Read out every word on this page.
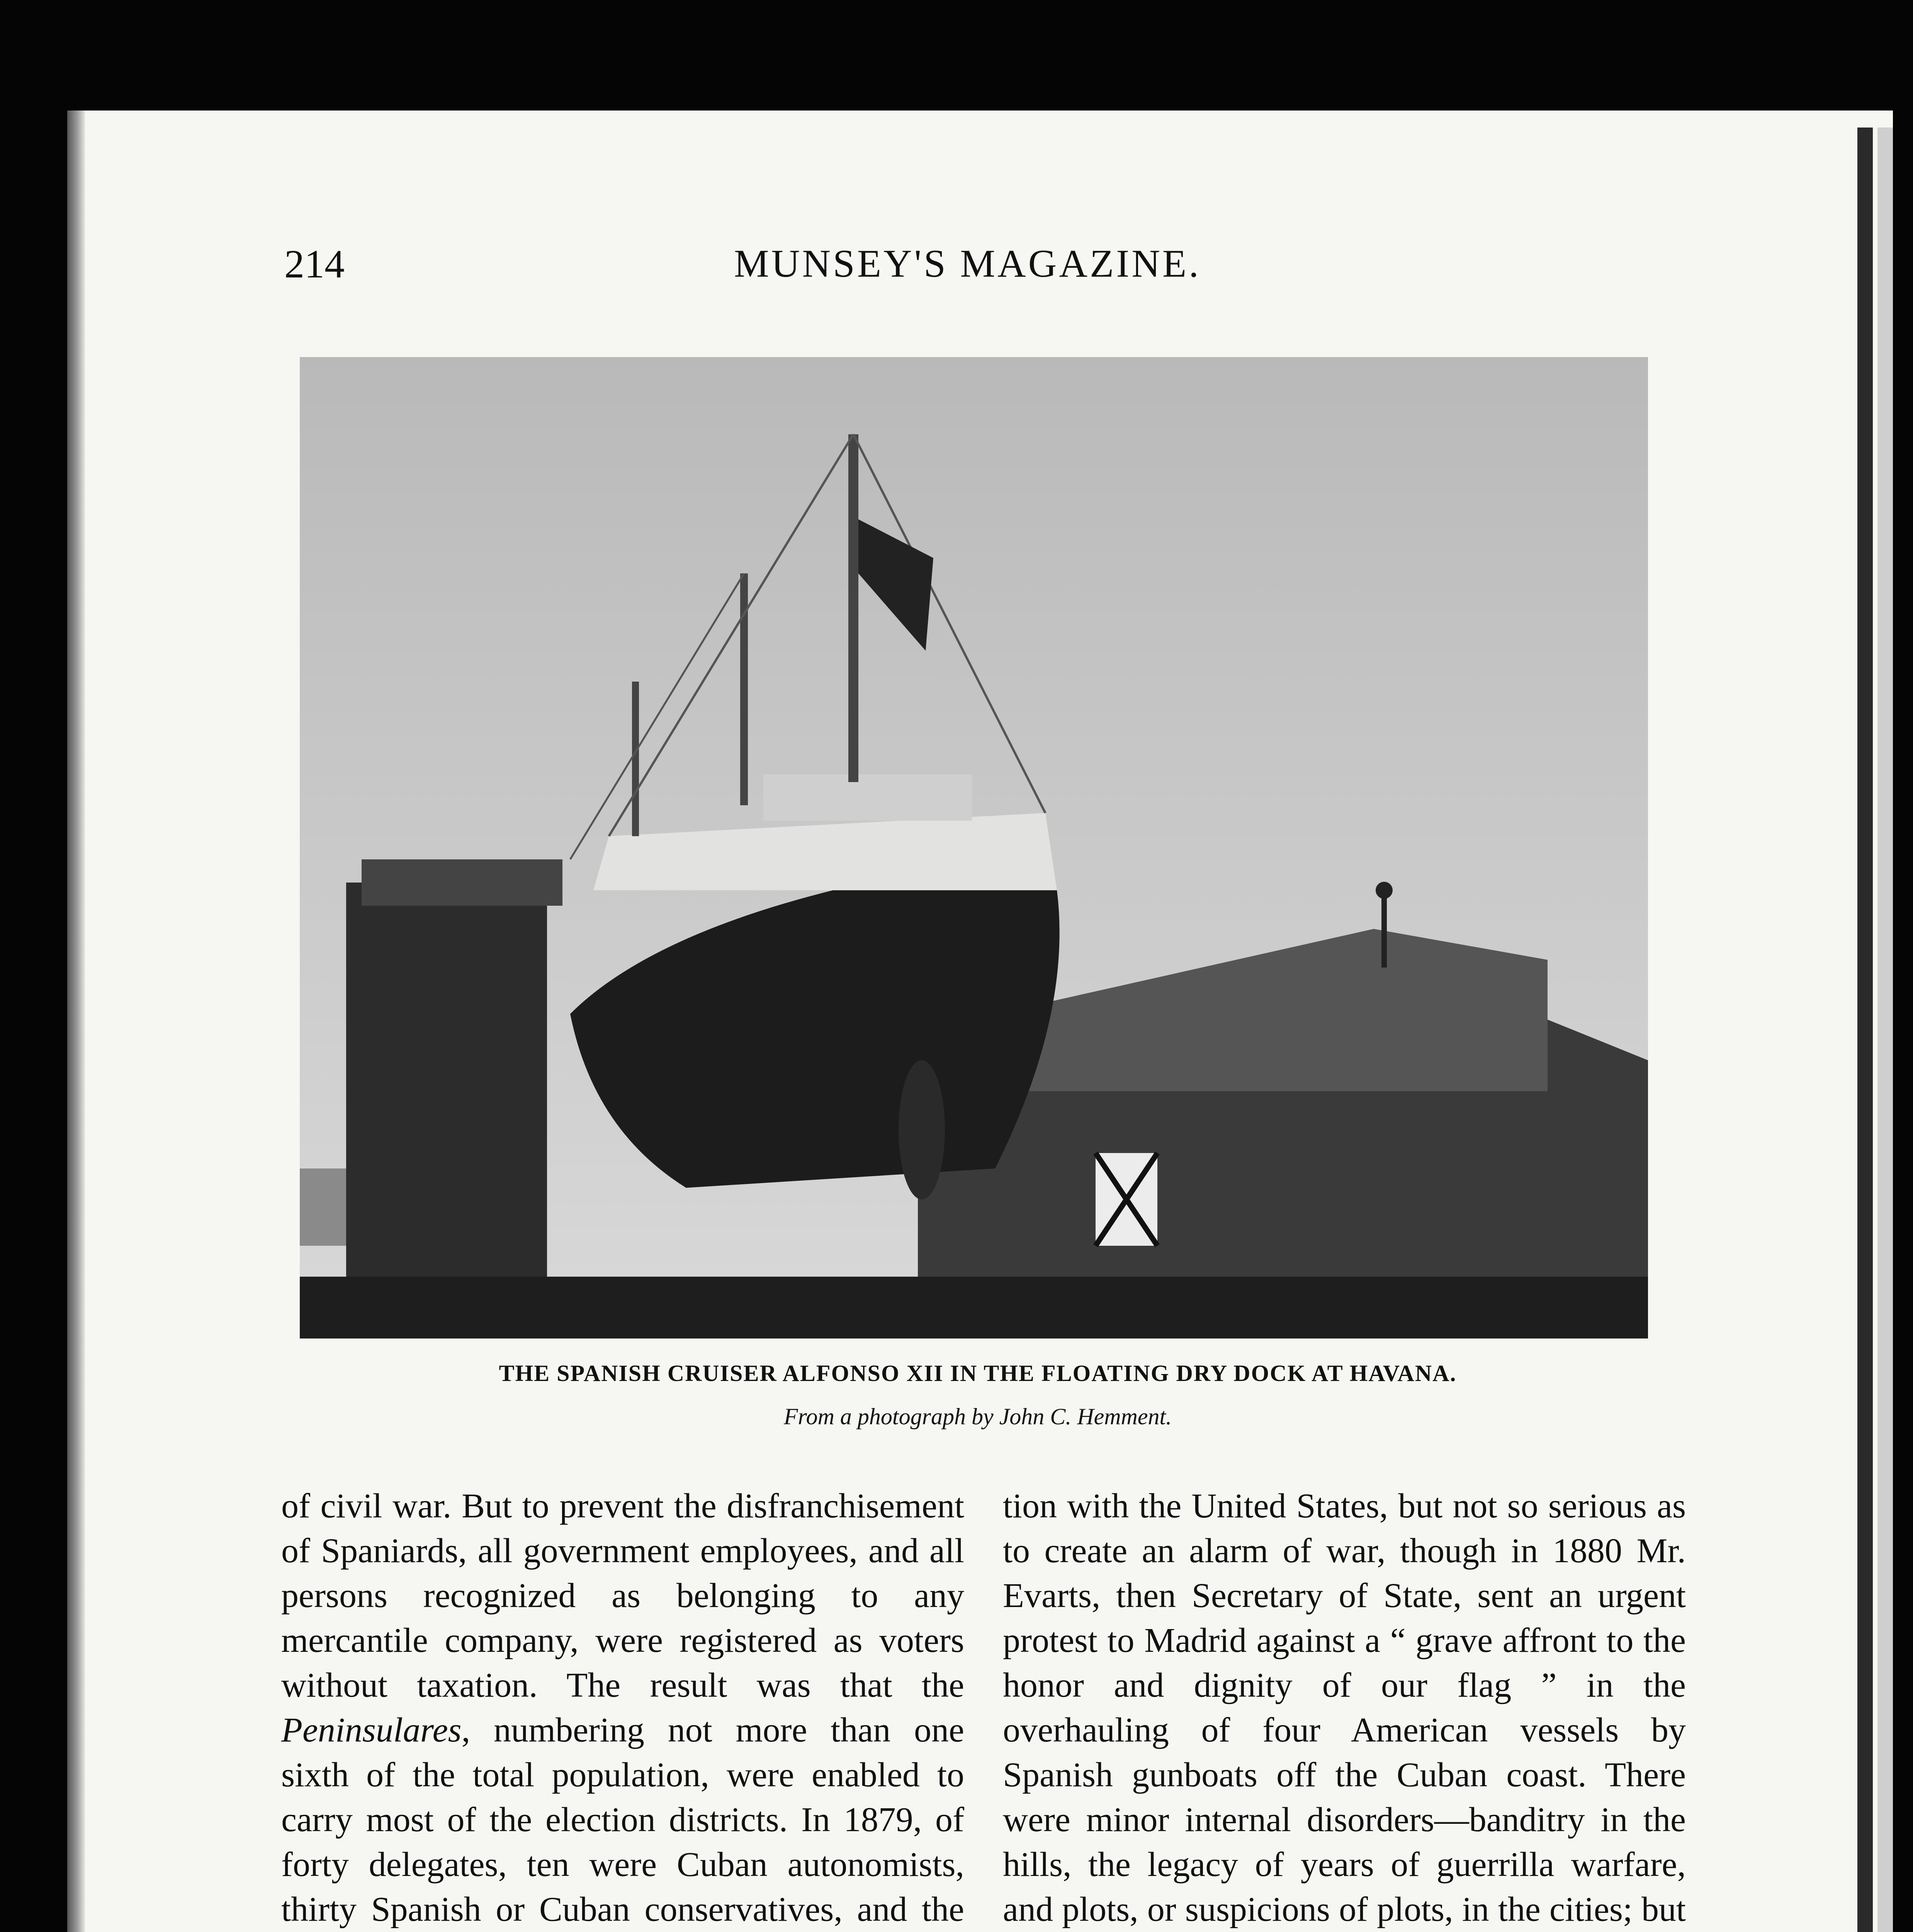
214	MUNSEY'S MAGAZINE.
THE SPANISH CRUISER ALFONSO XII IN THE FLOATING DRY DOCK AT HAVANA.
From a photograph by John C. Hemment.

of civil war. But to prevent the disfranchisement of Spaniards, all government employees, and all persons recognized as belonging to any mercantile company, were registered as voters without taxation. The result was that the Peninsulares, numbering not more than one sixth of the total population, were enabled to carry most of the election districts. In 1879, of forty delegates, ten were Cuban autonomists, thirty Spanish or Cuban conservatives, and the

tion with the United States, but not so serious as to create an alarm of war, though in 1880 Mr. Evarts, then Secretary of State, sent an urgent protest to Madrid against a “ grave affront to the honor and dignity of our flag ” in the overhauling of four American vessels by Spanish gunboats off the Cuban coast. There were minor internal disorders—banditry in the hills, the legacy of years of guerrilla warfare, and plots, or suspicions of plots, in the cities; but
